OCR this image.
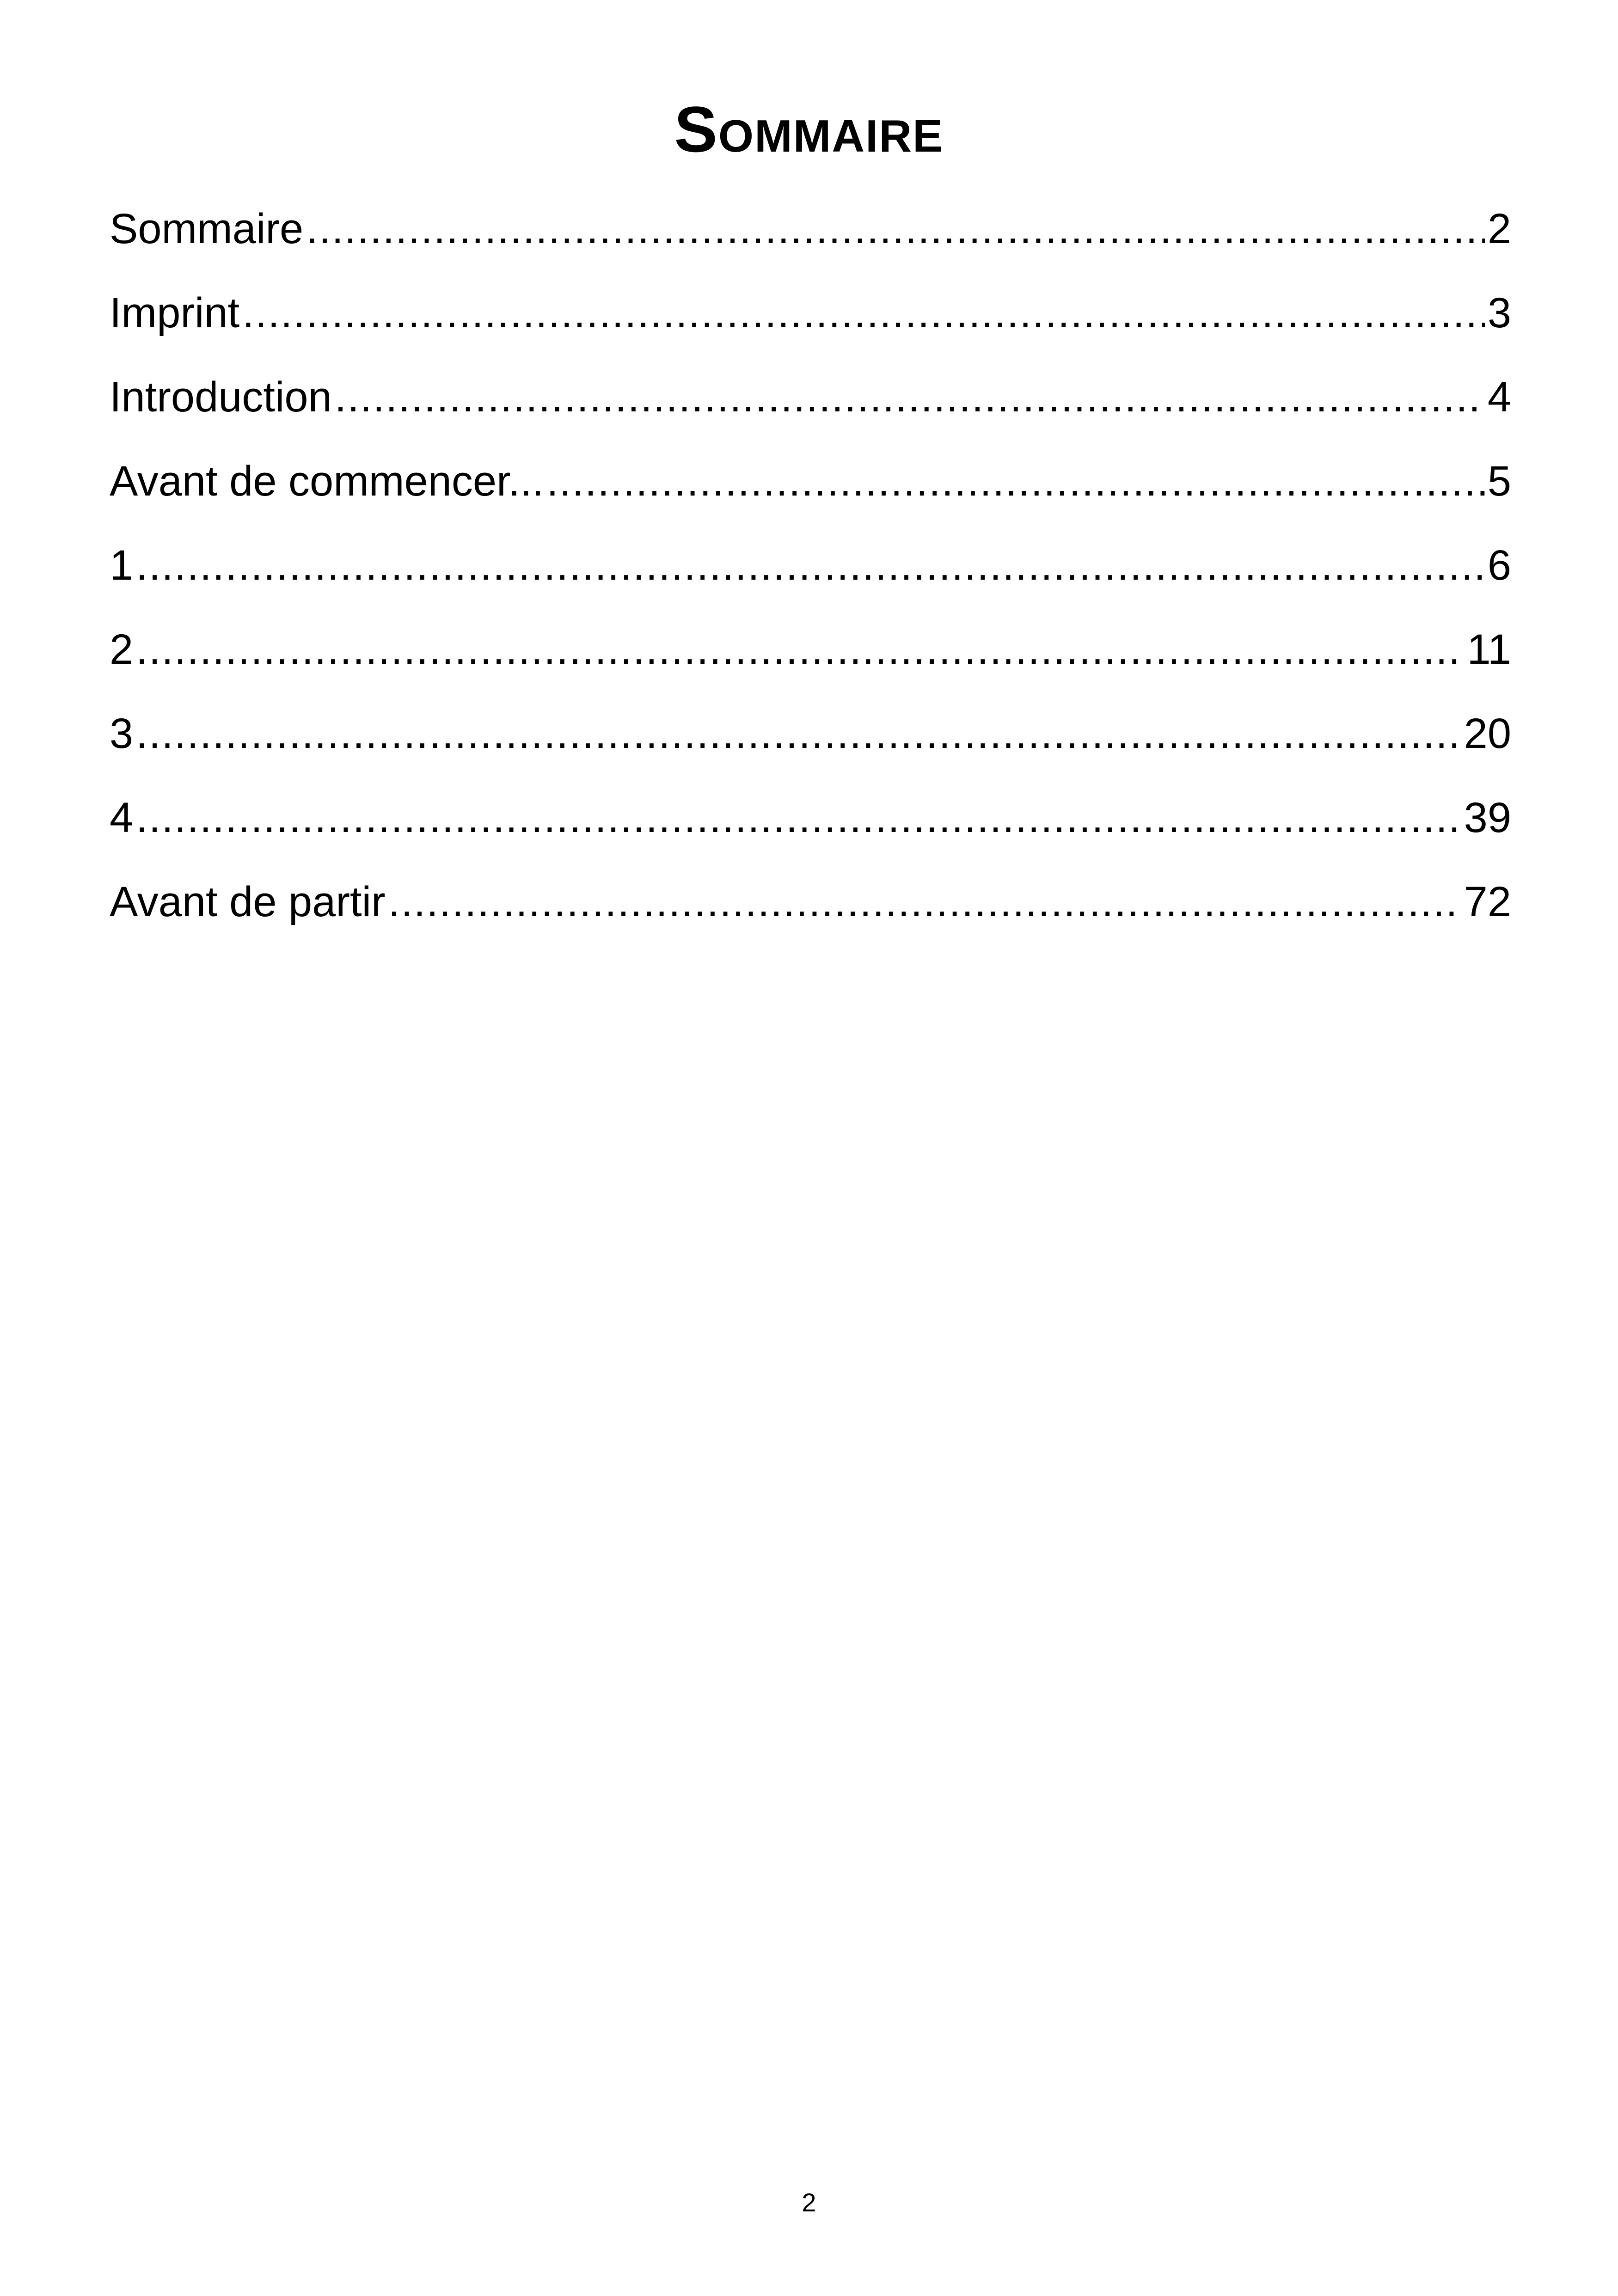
Sommaire
Sommaire .....	2
Imprint .....	3
Introduction .....	4
Avant de commencer... .....	5
1 .....	6
2 .....	11
3 .....	20
4 .....	39
Avant de partir .....	72
2
